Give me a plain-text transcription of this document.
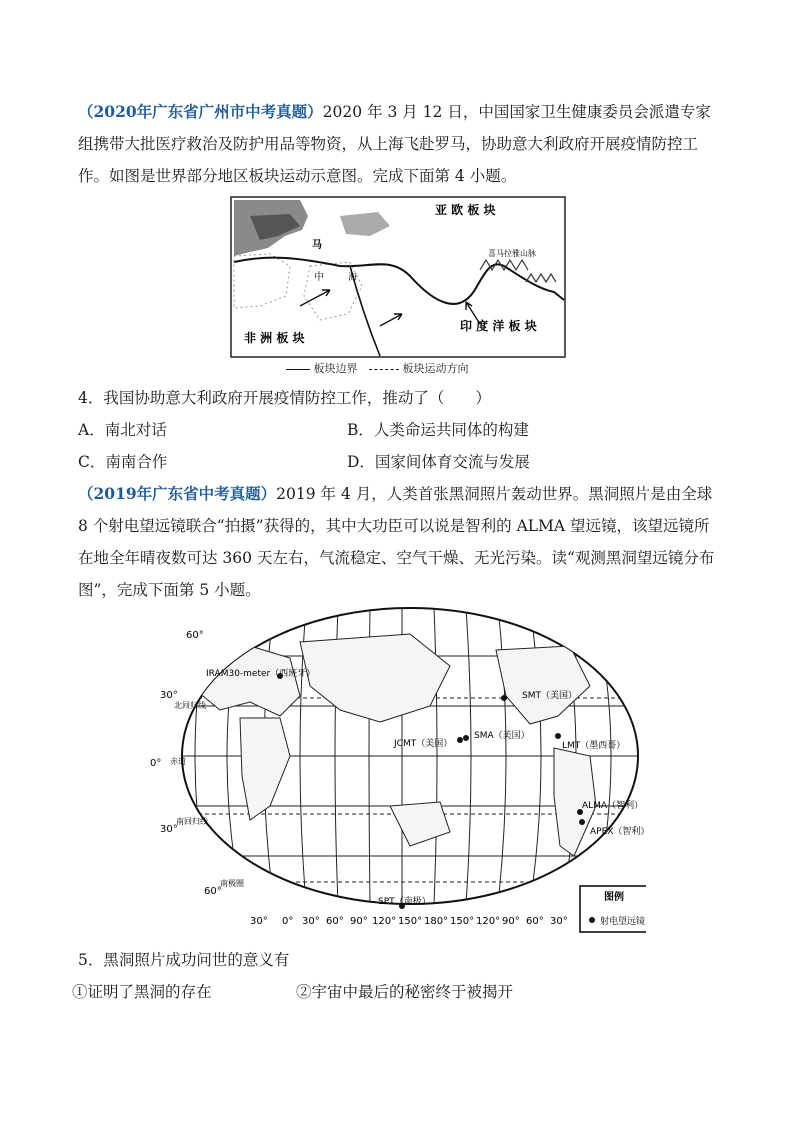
（2020年广东省广州市中考真题）2020 年 3 月 12 日，中国国家卫生健康委员会派遣专家组携带大批医疗救治及防护用品等物资，从上海飞赴罗马，协助意大利政府开展疫情防控工作。如图是世界部分地区板块运动示意图。完成下面第 4 小题。
亚 欧 板 块
非 洲 板 块
印 度 洋 板 块
中	海
马
喜马拉雅山脉
板块边界	板块运动方向
4．我国协助意大利政府开展疫情防控工作，推动了（　　）
A．南北对话	B．人类命运共同体的构建
C．南南合作	D．国家间体育交流与发展
（2019年广东省中考真题）2019 年 4 月，人类首张黑洞照片轰动世界。黑洞照片是由全球 8 个射电望远镜联合“拍摄”获得的，其中大功臣可以说是智利的 ALMA 望远镜，该望远镜所在地全年晴夜数可达 360 天左右，气流稳定、空气干燥、无光污染。读“观测黑洞望远镜分布图”，完成下面第 5 小题。
60°
30°
0°
30°
60°
北回归线
赤道
南回归线
南极圈
30° 0° 30° 60° 90° 120° 150° 180° 150° 120° 90° 60° 30°
IRAM30-meter（西班牙）
SMT（美国）
SMA（美国）
JCMT（美国）	LMT（墨西哥）
ALMA（智利）
APEX（智利）
SPT（南极）	图例
射电望远镜
5．黑洞照片成功问世的意义有
①证明了黑洞的存在	②宇宙中最后的秘密终于被揭开
